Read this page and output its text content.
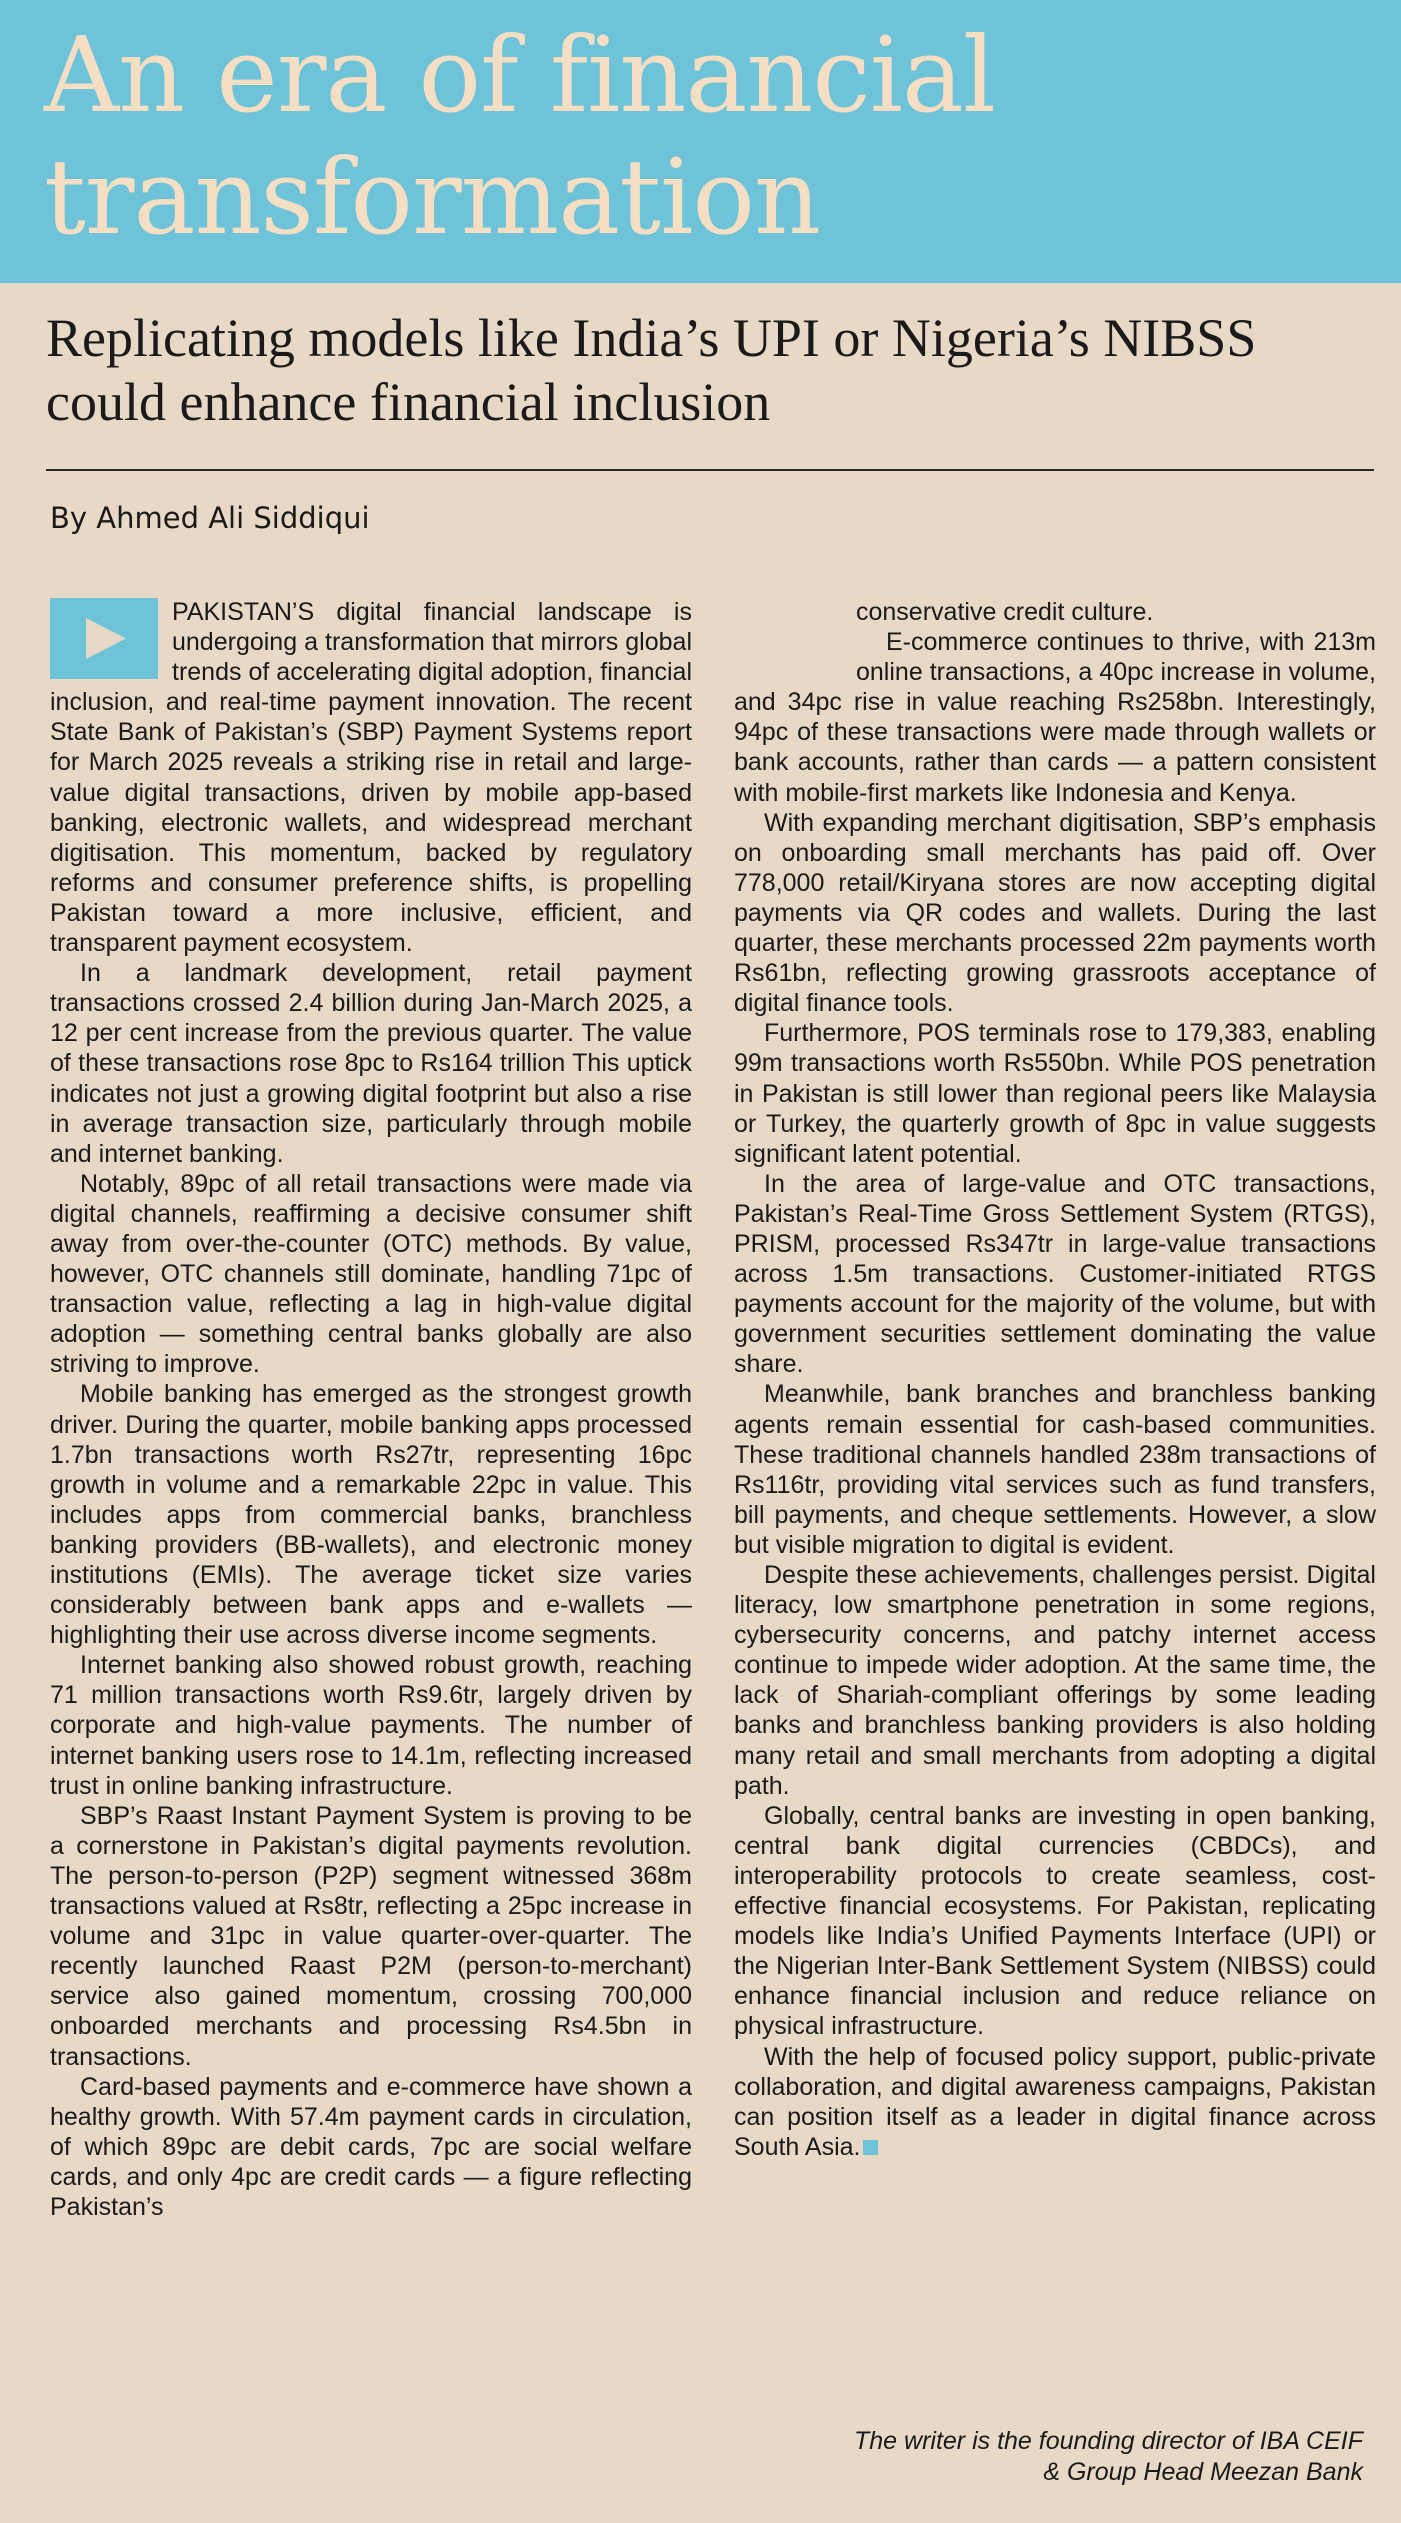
An era of financial transformation
Replicating models like India’s UPI or Nigeria’s NIBSS could enhance financial inclusion
By Ahmed Ali Siddiqui

PAKISTAN’S digital financial landscape is undergoing a transformation that mirrors global trends of accelerating digital adoption, financial inclusion, and real-time payment innovation. The recent State Bank of Pakistan’s (SBP) Payment Systems report for March 2025 reveals a striking rise in retail and large-value digital transactions, driven by mobile app-based banking, electronic wallets, and widespread merchant digitisation. This momentum, backed by regulatory reforms and consumer preference shifts, is propelling Pakistan toward a more inclusive, efficient, and transparent payment ecosystem.

In a landmark development, retail payment transactions crossed 2.4 billion during Jan-March 2025, a 12 per cent increase from the previous quarter. The value of these transactions rose 8pc to Rs164 trillion This uptick indicates not just a growing digital footprint but also a rise in average transaction size, particularly through mobile and internet banking.

Notably, 89pc of all retail transactions were made via digital channels, reaffirming a decisive consumer shift away from over-the-counter (OTC) methods. By value, however, OTC channels still dominate, handling 71pc of transaction value, reflecting a lag in high-value digital adoption — something central banks globally are also striving to improve.

Mobile banking has emerged as the strongest growth driver. During the quarter, mobile banking apps processed 1.7bn transactions worth Rs27tr, representing 16pc growth in volume and a remarkable 22pc in value. This includes apps from commercial banks, branchless banking providers (BB-wallets), and electronic money institutions (EMIs). The average ticket size varies considerably between bank apps and e-wallets — highlighting their use across diverse income segments.

Internet banking also showed robust growth, reaching 71 million transactions worth Rs9.6tr, largely driven by corporate and high-value payments. The number of internet banking users rose to 14.1m, reflecting increased trust in online banking infrastructure.

SBP’s Raast Instant Payment System is proving to be a cornerstone in Pakistan’s digital payments revolution. The person-to-person (P2P) segment witnessed 368m transactions valued at Rs8tr, reflecting a 25pc increase in volume and 31pc in value quarter-over-quarter. The recently launched Raast P2M (person-to-merchant) service also gained momentum, crossing 700,000 onboarded merchants and processing Rs4.5bn in transactions.

Card-based payments and e-commerce have shown a healthy growth. With 57.4m payment cards in circulation, of which 89pc are debit cards, 7pc are social welfare cards, and only 4pc are credit cards — a figure reflecting Pakistan’s

conservative credit culture.

E-commerce continues to thrive, with 213m online transactions, a 40pc increase in volume, and 34pc rise in value reaching Rs258bn. Interestingly, 94pc of these transactions were made through wallets or bank accounts, rather than cards — a pattern consistent with mobile-first markets like Indonesia and Kenya.

With expanding merchant digitisation, SBP’s emphasis on onboarding small merchants has paid off. Over 778,000 retail/Kiryana stores are now accepting digital payments via QR codes and wallets. During the last quarter, these merchants processed 22m payments worth Rs61bn, reflecting growing grassroots acceptance of digital finance tools.

Furthermore, POS terminals rose to 179,383, enabling 99m transactions worth Rs550bn. While POS penetration in Pakistan is still lower than regional peers like Malaysia or Turkey, the quarterly growth of 8pc in value suggests significant latent potential.

In the area of large-value and OTC transactions, Pakistan’s Real-Time Gross Settlement System (RTGS), PRISM, processed Rs347tr in large-value transactions across 1.5m transactions. Customer-initiated RTGS payments account for the majority of the volume, but with government securities settlement dominating the value share.

Meanwhile, bank branches and branchless banking agents remain essential for cash-based communities. These traditional channels handled 238m transactions of Rs116tr, providing vital services such as fund transfers, bill payments, and cheque settlements. However, a slow but visible migration to digital is evident.

Despite these achievements, challenges persist. Digital literacy, low smartphone penetration in some regions, cybersecurity concerns, and patchy internet access continue to impede wider adoption. At the same time, the lack of Shariah-compliant offerings by some leading banks and branchless banking providers is also holding many retail and small merchants from adopting a digital path.

Globally, central banks are investing in open banking, central bank digital currencies (CBDCs), and interoperability protocols to create seamless, cost-effective financial ecosystems. For Pakistan, replicating models like India’s Unified Payments Interface (UPI) or the Nigerian Inter-Bank Settlement System (NIBSS) could enhance financial inclusion and reduce reliance on physical infrastructure.

With the help of focused policy support, public-private collaboration, and digital awareness campaigns, Pakistan can position itself as a leader in digital finance across South Asia.

The writer is the founding director of IBA CEIF
& Group Head Meezan Bank
